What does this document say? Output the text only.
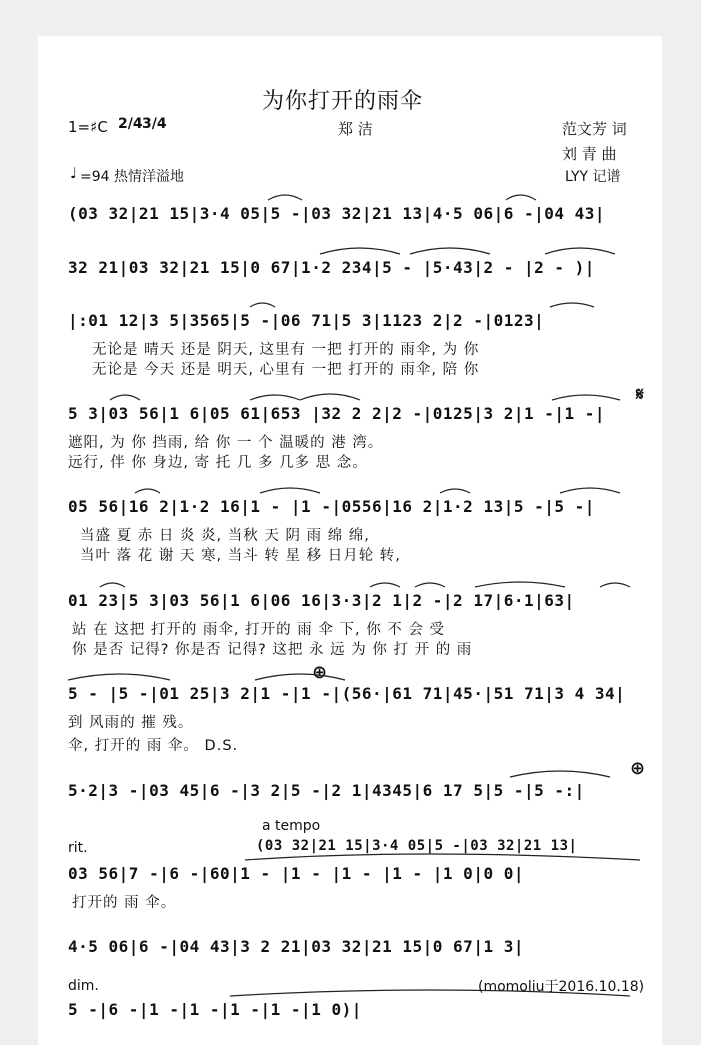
为你打开的雨伞
1=♯C 2/4 3/4	郑 洁	范文芳 词
刘 青 曲
♩ =94 热情洋溢地	LYY 记谱
(03 32|21 15|3·4 05|5 -|03 32|21 13|4·5 06|6 -|04 43|
32 21|03 32|21 15|0 67|1·2 234|5 - |5·43|2 - |2 - )|
|:01 12|3 5|3565|5 -|06 71|5 3|1123 2|2 -|0123|
无论是 晴天 还是 阴天, 这里有 一把 打开的 雨伞, 为 你
无论是 今天 还是 明天, 心里有 一把 打开的 雨伞, 陪 你
𝄋
5 3|03 56|1 6|05 61|653 |32 2 2|2 -|0125|3 2|1 -|1 -|
遮阳, 为 你 挡雨, 给 你 一 个 温暖的 港 湾。
远行, 伴 你 身边, 寄 托 几 多 几多 思 念。
05 56|16 2|1·2 16|1 - |1 -|0556|16 2|1·2 13|5 -|5 -|
当盛 夏 赤 日 炎 炎, 当秋 天 阴 雨 绵 绵,
当叶 落 花 谢 天 寒, 当斗 转 星 移 日月轮 转,
01 23|5 3|03 56|1 6|06 16|3·3|2 1|2 -|2 17|6·1|63|
站 在 这把 打开的 雨伞, 打开的 雨 伞 下, 你 不 会 受
你 是否 记得? 你是否 记得? 这把 永 远 为 你 打 开 的 雨
⊕
5 - |5 -|01 25|3 2|1 -|1 -|(56·|61 71|45·|51 71|3 4 34|
到 风雨的 摧 残。
伞, 打开的 雨 伞。 D.S.
⊕
5·2|3 -|03 45|6 -|3 2|5 -|2 1|4345|6 17 5|5 -|5 -:|
a tempo
rit.	(03 32|21 15|3·4 05|5 -|03 32|21 13|
03 56|7 -|6 -|60|1 - |1 - |1 - |1 - |1 0|0 0|
打开的 雨 伞。
4·5 06|6 -|04 43|3 2 21|03 32|21 15|0 67|1 3|
dim.	(momoliu于2016.10.18)
5 -|6 -|1 -|1 -|1 -|1 -|1 0)|
